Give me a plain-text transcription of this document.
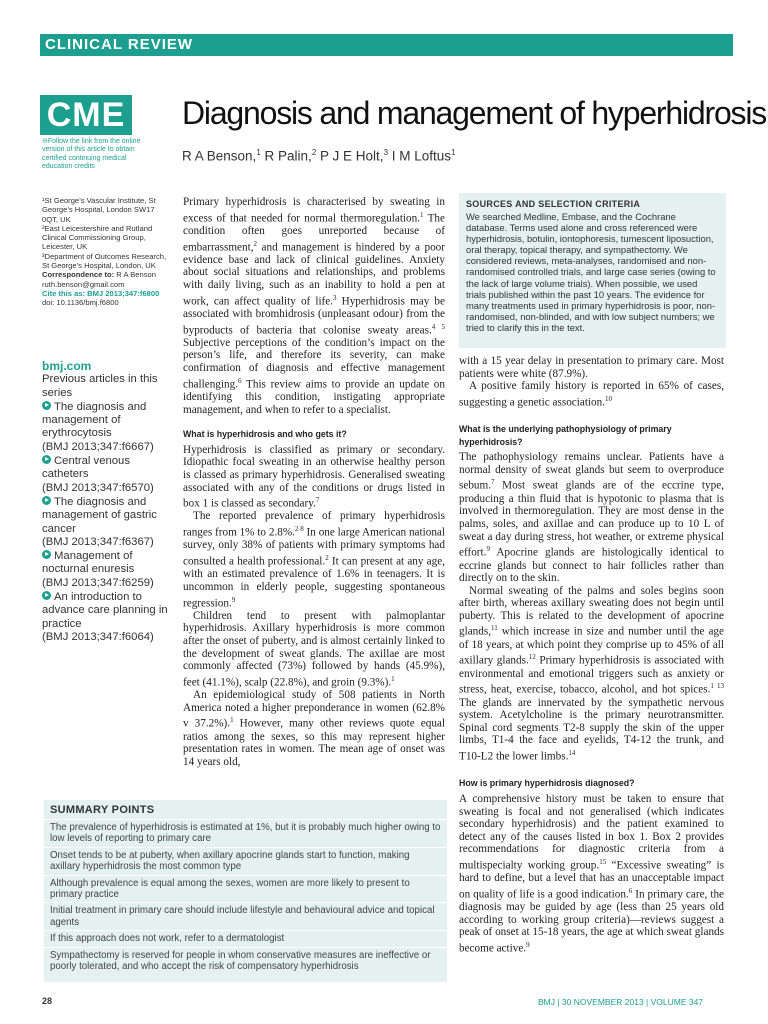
CLINICAL REVIEW
CME
⊖Follow the link from the online version of this article to obtain certified continuing medical education credits
Diagnosis and management of hyperhidrosis
R A Benson,$^1$ R Palin,$^2$ P J E Holt,$^3$ I M Loftus$^1$

¹St George’s Vascular Institute, St George’s Hospital, London SW17 0QT, UK

²East Leicestershire and Rutland Clinical Commissioning Group, Leicester, UK

³Department of Outcomes Research, St George’s Hospital, London, UK

Correspondence to: R A Benson ruth.benson@gmail.com

Cite this as: BMJ 2013;347:f6800

doi: 10.1136/bmj.f6800

bmj.com
Previous articles in this series
The diagnosis and management of erythrocytosis
(BMJ 2013;347:f6667)
Central venous catheters
(BMJ 2013;347:f6570)
The diagnosis and management of gastric cancer
(BMJ 2013;347:f6367)
Management of nocturnal enuresis
(BMJ 2013;347:f6259)
An introduction to advance care planning in practice
(BMJ 2013;347:f6064)

Primary hyperhidrosis is characterised by sweating in excess of that needed for normal thermoregulation.$^1$ The condition often goes unreported because of embarrassment,$^2$ and management is hindered by a poor evidence base and lack of clinical guidelines. Anxiety about social situations and relationships, and problems with daily living, such as an inability to hold a pen at work, can affect quality of life.$^3$ Hyperhidrosis may be associated with bromhidrosis (unpleasant odour) from the byproducts of bacteria that colonise sweaty areas.$^{4 5}$ Subjective perceptions of the condition’s impact on the person’s life, and therefore its severity, can make confirmation of diagnosis and effective management challenging.$^6$ This review aims to provide an update on identifying this condition, instigating appropriate management, and when to refer to a specialist.

What is hyperhidrosis and who gets it?

Hyperhidrosis is classified as primary or secondary. Idiopathic focal sweating in an otherwise healthy person is classed as primary hyperhidrosis. Generalised sweating associated with any of the conditions or drugs listed in box 1 is classed as secondary.$^7$

The reported prevalence of primary hyperhidrosis ranges from 1% to 2.8%.$^{2 8}$ In one large American national survey, only 38% of patients with primary symptoms had consulted a health professional.$^2$ It can present at any age, with an estimated prevalence of 1.6% in teenagers. It is uncommon in elderly people, suggesting spontaneous regression.$^9$

Children tend to present with palmoplantar hyperhidrosis. Axillary hyperhidrosis is more common after the onset of puberty, and is almost certainly linked to the development of sweat glands. The axillae are most commonly affected (73%) followed by hands (45.9%), feet (41.1%), scalp (22.8%), and groin (9.3%).$^1$

An epidemiological study of 508 patients in North America noted a higher preponderance in women (62.8% v 37.2%).$^1$ However, many other reviews quote equal ratios among the sexes, so this may represent higher presentation rates in women. The mean age of onset was 14 years old,

SOURCES AND SELECTION CRITERIA
We searched Medline, Embase, and the Cochrane database. Terms used alone and cross referenced were hyperhidrosis, botulin, iontophoresis, tumescent liposuction, oral therapy, topical therapy, and sympathectomy. We considered reviews, meta-analyses, randomised and non-randomised controlled trials, and large case series (owing to the lack of large volume trials). When possible, we used trials published within the past 10 years. The evidence for many treatments used in primary hyperhidrosis is poor, non-randomised, non-blinded, and with low subject numbers; we tried to clarify this in the text.

with a 15 year delay in presentation to primary care. Most patients were white (87.9%).

A positive family history is reported in 65% of cases, suggesting a genetic association.$^{10}$

What is the underlying pathophysiology of primary hyperhidrosis?

The pathophysiology remains unclear. Patients have a normal density of sweat glands but seem to overproduce sebum.$^7$ Most sweat glands are of the eccrine type, producing a thin fluid that is hypotonic to plasma that is involved in thermoregulation. They are most dense in the palms, soles, and axillae and can produce up to 10 L of sweat a day during stress, hot weather, or extreme physical effort.$^9$ Apocrine glands are histologically identical to eccrine glands but connect to hair follicles rather than directly on to the skin.

Normal sweating of the palms and soles begins soon after birth, whereas axillary sweating does not begin until puberty. This is related to the development of apocrine glands,$^{11}$ which increase in size and number until the age of 18 years, at which point they comprise up to 45% of all axillary glands.$^{12}$ Primary hyperhidrosis is associated with environmental and emotional triggers such as anxiety or stress, heat, exercise, tobacco, alcohol, and hot spices.$^{1 13}$ The glands are innervated by the sympathetic nervous system. Acetylcholine is the primary neurotransmitter. Spinal cord segments T2-8 supply the skin of the upper limbs, T1-4 the face and eyelids, T4-12 the trunk, and T10-L2 the lower limbs.$^{14}$

How is primary hyperhidrosis diagnosed?

A comprehensive history must be taken to ensure that sweating is focal and not generalised (which indicates secondary hyperhidrosis) and the patient examined to detect any of the causes listed in box 1. Box 2 provides recommendations for diagnostic criteria from a multispecialty working group.$^{15}$ “Excessive sweating” is hard to define, but a level that has an unacceptable impact on quality of life is a good indication.$^6$ In primary care, the diagnosis may be guided by age (less than 25 years old according to working group criteria)—reviews suggest a peak of onset at 15-18 years, the age at which sweat glands become active.$^9$

SUMMARY POINTS
The prevalence of hyperhidrosis is estimated at 1%, but it is probably much higher owing to low levels of reporting to primary care
Onset tends to be at puberty, when axillary apocrine glands start to function, making axillary hyperhidrosis the most common type
Although prevalence is equal among the sexes, women are more likely to present to primary practice
Initial treatment in primary care should include lifestyle and behavioural advice and topical agents
If this approach does not work, refer to a dermatologist
Sympathectomy is reserved for people in whom conservative measures are ineffective or poorly tolerated, and who accept the risk of compensatory hyperhidrosis
28	BMJ | 30 NOVEMBER 2013 | VOLUME 347
